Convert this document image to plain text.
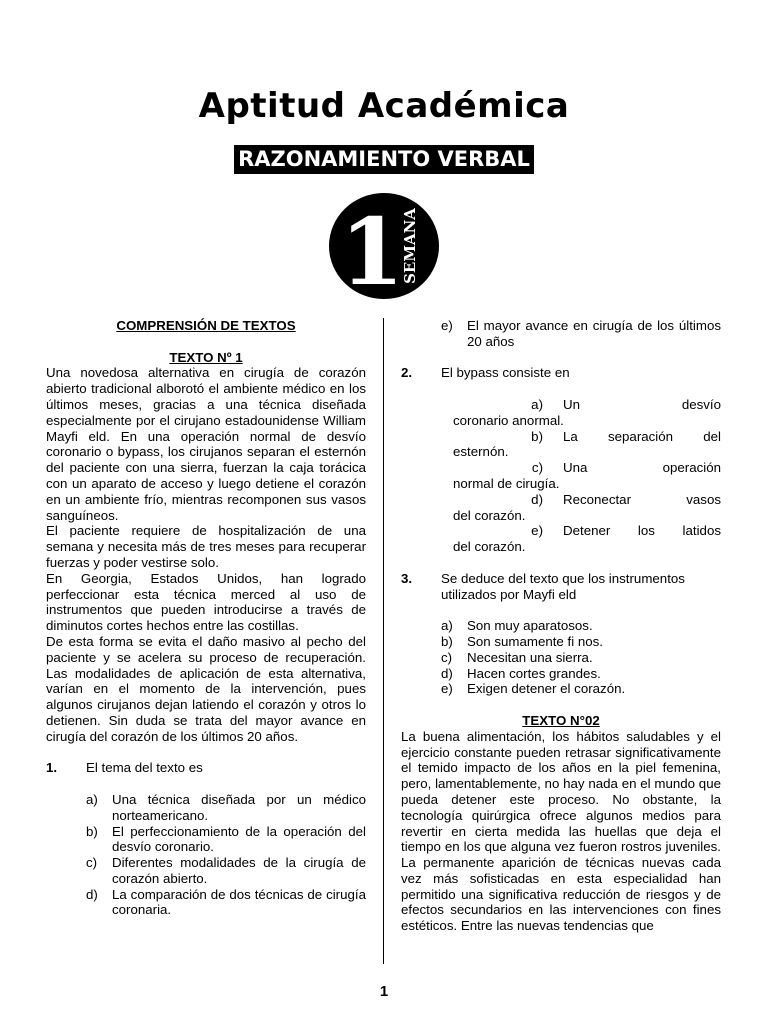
Aptitud Académica
RAZONAMIENTO VERBAL
1
SEMANA

COMPRENSIÓN DE TEXTOS

TEXTO Nº 1

Una novedosa alternativa en cirugía de corazón abierto tradicional alborotó el ambiente médico en los últimos meses, gracias a una técnica diseñada especialmente por el cirujano estadounidense William Mayfi eld. En una operación normal de desvío coronario o bypass, los cirujanos separan el esternón del paciente con una sierra, fuerzan la caja torácica con un aparato de acceso y luego detiene el corazón en un ambiente frío, mientras recomponen sus vasos sanguíneos.

El paciente requiere de hospitalización de una semana y necesita más de tres meses para recuperar fuerzas y poder vestirse solo.

En Georgia, Estados Unidos, han logrado perfeccionar esta técnica merced al uso de instrumentos que pueden introducirse a través de diminutos cortes hechos entre las costillas.

De esta forma se evita el daño masivo al pecho del paciente y se acelera su proceso de recuperación. Las modalidades de aplicación de esta alternativa, varían en el momento de la intervención, pues algunos cirujanos dejan latiendo el corazón y otros lo detienen. Sin duda se trata del mayor avance en cirugía del corazón de los últimos 20 años.

1.	El tema del texto es
a)	Una técnica diseñada por un médico norteamericano.
b)	El perfeccionamiento de la operación del desvío coronario.
c)	Diferentes modalidades de la cirugía de corazón abierto.
d)	La comparación de dos técnicas de cirugía coronaria.
e)	El mayor avance en cirugía de los últimos 20 años
2.	El bypass consiste en
a)	Un desvío
coronario anormal.
b)	La separación del
esternón.
c)	Una operación
normal de cirugía.
d)	Reconectar vasos
del corazón.
e)	Detener los latidos
del corazón.
3.	Se deduce del texto que los instrumentos utilizados por Mayfi eld
a)	Son muy aparatosos.
b)	Son sumamente fi nos.
c)	Necesitan una sierra.
d)	Hacen cortes grandes.
e)	Exigen detener el corazón.

TEXTO N°02

La buena alimentación, los hábitos saludables y el ejercicio constante pueden retrasar significativamente el temido impacto de los años en la piel femenina, pero, lamentablemente, no hay nada en el mundo que pueda detener este proceso. No obstante, la tecnología quirúrgica ofrece algunos medios para revertir en cierta medida las huellas que deja el tiempo en los que alguna vez fueron rostros juveniles. La permanente aparición de técnicas nuevas cada vez más sofisticadas en esta especialidad han permitido una significativa reducción de riesgos y de efectos secundarios en las intervenciones con fines estéticos. Entre las nuevas tendencias que

1
